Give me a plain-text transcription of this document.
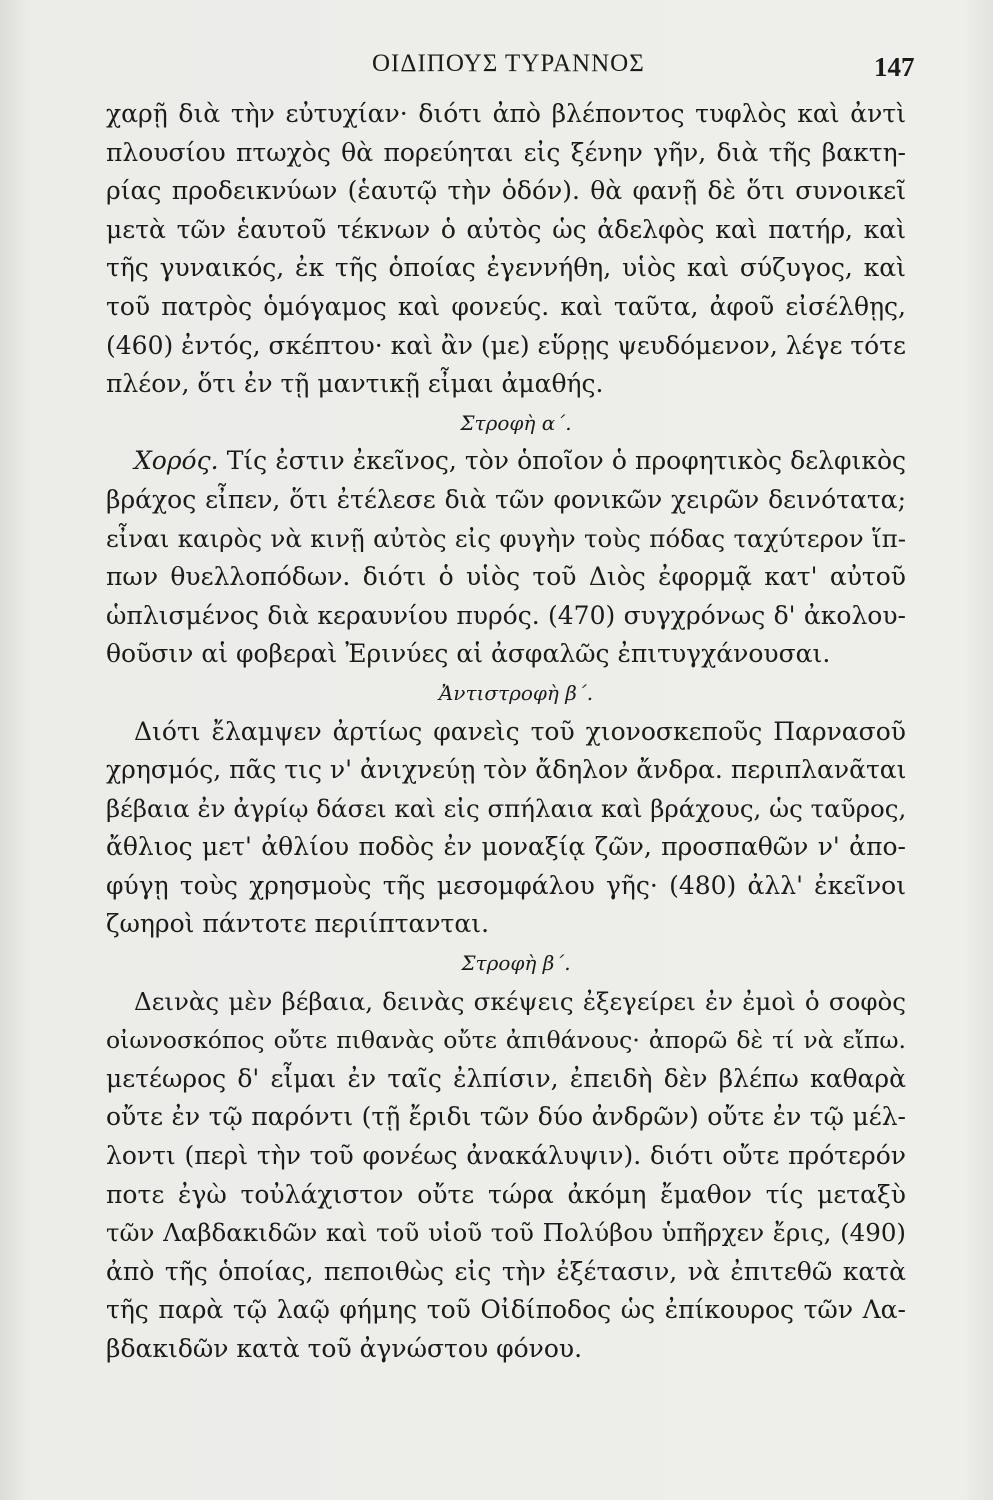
ΟΙΔΙΠΟΥΣ ΤΥΡΑΝΝΟΣ	147
χαρῇ διὰ τὴν εὐτυχίαν· διότι ἀπὸ βλέποντος τυφλὸς καὶ ἀντὶ
πλουσίου πτωχὸς θὰ πορεύηται εἰς ξένην γῆν, διὰ τῆς βακτη-
ρίας προδεικνύων (ἑαυτῷ τὴν ὁδόν). θὰ φανῇ δὲ ὅτι συνοικεῖ
μετὰ τῶν ἑαυτοῦ τέκνων ὁ αὐτὸς ὡς ἀδελφὸς καὶ πατήρ, καὶ
τῆς γυναικός, ἐκ τῆς ὁποίας ἐγεννήθη, υἱὸς καὶ σύζυγος, καὶ
τοῦ πατρὸς ὁμόγαμος καὶ φονεύς. καὶ ταῦτα, ἀφοῦ εἰσέλθῃς,
(460) ἐντός, σκέπτου· καὶ ἂν (με) εὕρῃς ψευδόμενον, λέγε τότε
πλέον, ὅτι ἐν τῇ μαντικῇ εἶμαι ἀμαθής.
Στροφὴ α΄.
Χορός. Τίς ἐστιν ἐκεῖνος, τὸν ὁποῖον ὁ προφητικὸς δελφικὸς
βράχος εἶπεν, ὅτι ἐτέλεσε διὰ τῶν φονικῶν χειρῶν δεινότατα;
εἶναι καιρὸς νὰ κινῇ αὐτὸς εἰς φυγὴν τοὺς πόδας ταχύτερον ἵπ-
πων θυελλοπόδων. διότι ὁ υἱὸς τοῦ Διὸς ἐφορμᾷ κατ' αὐτοῦ
ὡπλισμένος διὰ κεραυνίου πυρός. (470) συγχρόνως δ' ἀκολου-
θοῦσιν αἱ φοβεραὶ Ἐρινύες αἱ ἀσφαλῶς ἐπιτυγχάνουσαι.
Ἀντιστροφὴ β΄.
Διότι ἔλαμψεν ἀρτίως φανεὶς τοῦ χιονοσκεποῦς Παρνασοῦ
χρησμός, πᾶς τις ν' ἀνιχνεύῃ τὸν ἄδηλον ἄνδρα. περιπλανᾶται
βέβαια ἐν ἀγρίῳ δάσει καὶ εἰς σπήλαια καὶ βράχους, ὡς ταῦρος,
ἄθλιος μετ' ἀθλίου ποδὸς ἐν μοναξίᾳ ζῶν, προσπαθῶν ν' ἀπο-
φύγῃ τοὺς χρησμοὺς τῆς μεσομφάλου γῆς· (480) ἀλλ' ἐκεῖνοι
ζωηροὶ πάντοτε περιίπτανται.
Στροφὴ β΄.
Δεινὰς μὲν βέβαια, δεινὰς σκέψεις ἐξεγείρει ἐν ἐμοὶ ὁ σοφὸς
οἰωνοσκόπος οὔτε πιθανὰς οὔτε ἀπιθάνους· ἀπορῶ δὲ τί νὰ εἴπω.
μετέωρος δ' εἶμαι ἐν ταῖς ἐλπίσιν, ἐπειδὴ δὲν βλέπω καθαρὰ
οὔτε ἐν τῷ παρόντι (τῇ ἔριδι τῶν δύο ἀνδρῶν) οὔτε ἐν τῷ μέλ-
λοντι (περὶ τὴν τοῦ φονέως ἀνακάλυψιν). διότι οὔτε πρότερόν
ποτε ἐγὼ τοὐλάχιστον οὔτε τώρα ἀκόμη ἔμαθον τίς μεταξὺ
τῶν Λαβδακιδῶν καὶ τοῦ υἱοῦ τοῦ Πολύβου ὑπῆρχεν ἔρις, (490)
ἀπὸ τῆς ὁποίας, πεποιθὼς εἰς τὴν ἐξέτασιν, νὰ ἐπιτεθῶ κατὰ
τῆς παρὰ τῷ λαῷ φήμης τοῦ Οἰδίποδος ὡς ἐπίκουρος τῶν Λα-
βδακιδῶν κατὰ τοῦ ἀγνώστου φόνου.
